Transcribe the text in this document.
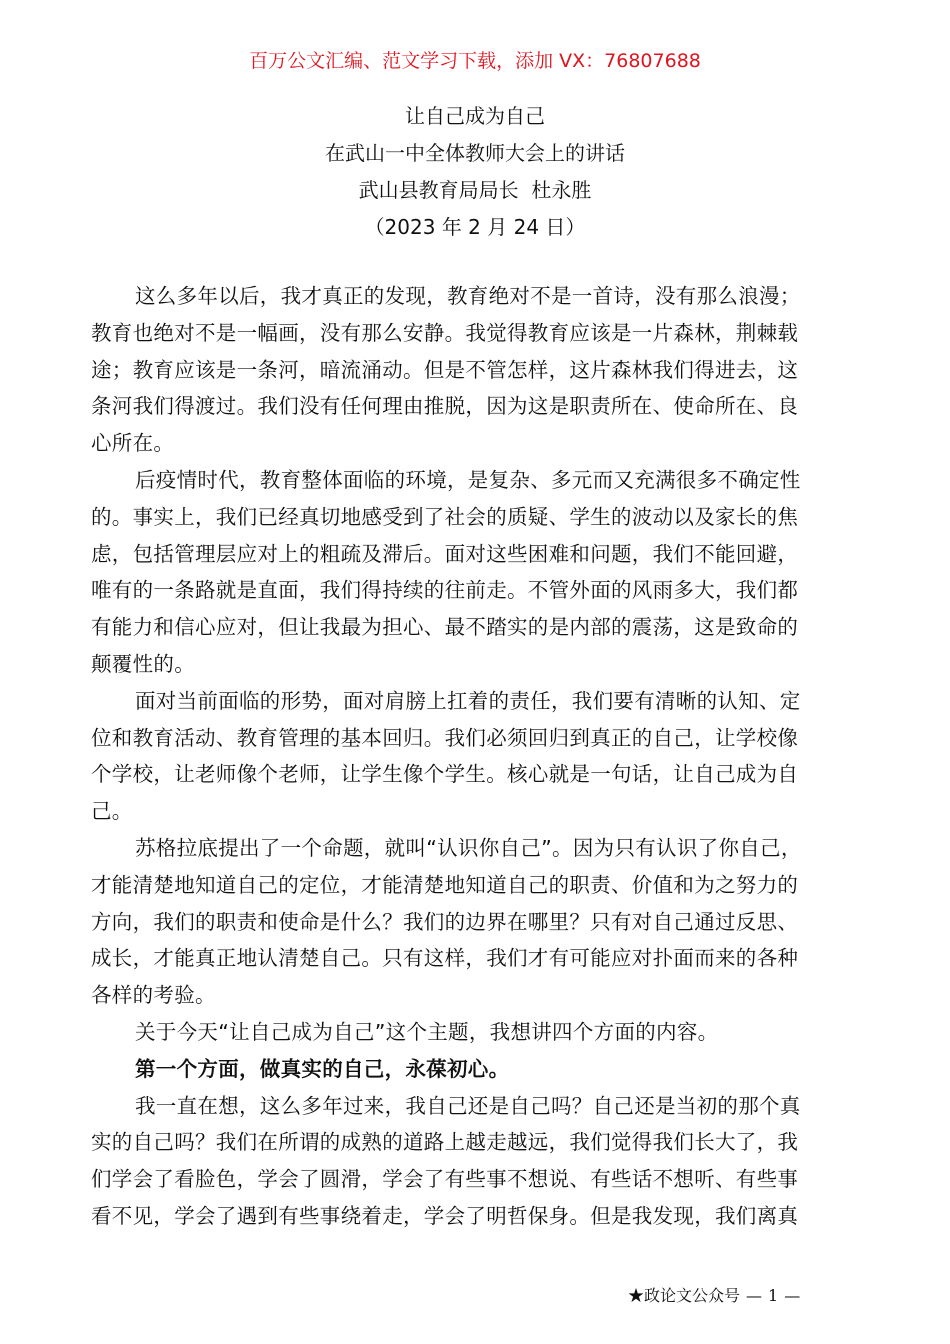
百万公文汇编、范文学习下载，添加 VX：76807688
让自己成为自己
在武山一中全体教师大会上的讲话
武山县教育局局长  杜永胜
（2023 年 2 月 24 日）
这么多年以后，我才真正的发现，教育绝对不是一首诗，没有那么浪漫；
教育也绝对不是一幅画，没有那么安静。我觉得教育应该是一片森林，荆棘载
途；教育应该是一条河，暗流涌动。但是不管怎样，这片森林我们得进去，这
条河我们得渡过。我们没有任何理由推脱，因为这是职责所在、使命所在、良
心所在。
后疫情时代，教育整体面临的环境，是复杂、多元而又充满很多不确定性
的。事实上，我们已经真切地感受到了社会的质疑、学生的波动以及家长的焦
虑，包括管理层应对上的粗疏及滞后。面对这些困难和问题，我们不能回避，
唯有的一条路就是直面，我们得持续的往前走。不管外面的风雨多大，我们都
有能力和信心应对，但让我最为担心、最不踏实的是内部的震荡，这是致命的
颠覆性的。
面对当前面临的形势，面对肩膀上扛着的责任，我们要有清晰的认知、定
位和教育活动、教育管理的基本回归。我们必须回归到真正的自己，让学校像
个学校，让老师像个老师，让学生像个学生。核心就是一句话，让自己成为自
己。
苏格拉底提出了一个命题，就叫“认识你自己”。因为只有认识了你自己，
才能清楚地知道自己的定位，才能清楚地知道自己的职责、价值和为之努力的
方向，我们的职责和使命是什么？我们的边界在哪里？只有对自己通过反思、
成长，才能真正地认清楚自己。只有这样，我们才有可能应对扑面而来的各种
各样的考验。
关于今天“让自己成为自己”这个主题，我想讲四个方面的内容。
第一个方面，做真实的自己，永葆初心。
我一直在想，这么多年过来，我自己还是自己吗？自己还是当初的那个真
实的自己吗？我们在所谓的成熟的道路上越走越远，我们觉得我们长大了，我
们学会了看脸色，学会了圆滑，学会了有些事不想说、有些话不想听、有些事
看不见，学会了遇到有些事绕着走，学会了明哲保身。但是我发现，我们离真
★政论文公众号 — 1 —
